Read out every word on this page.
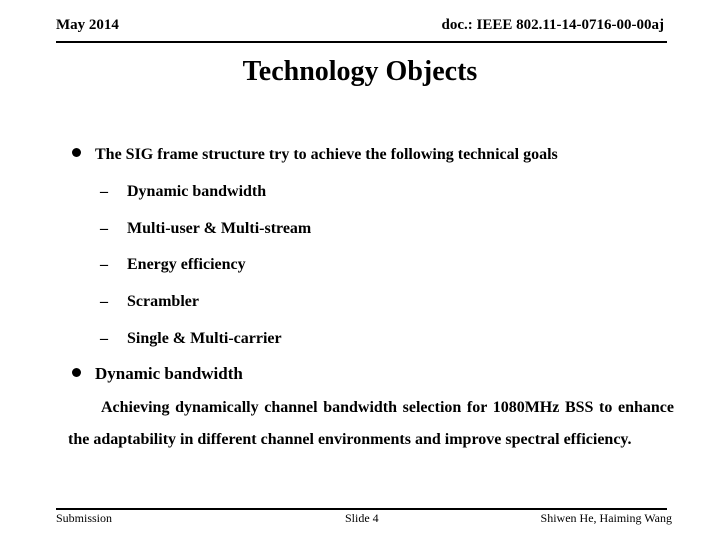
May 2014	doc.: IEEE 802.11-14-0716-00-00aj
Technology Objects
The SIG frame structure try to achieve the following technical goals
– Dynamic bandwidth
– Multi-user & Multi-stream
– Energy efficiency
– Scrambler
– Single & Multi-carrier
Dynamic bandwidth
Achieving dynamically channel bandwidth selection for 1080MHz BSS to enhance the adaptability in different channel environments and improve spectral efficiency.
Submission	Slide 4	Shiwen He, Haiming Wang
